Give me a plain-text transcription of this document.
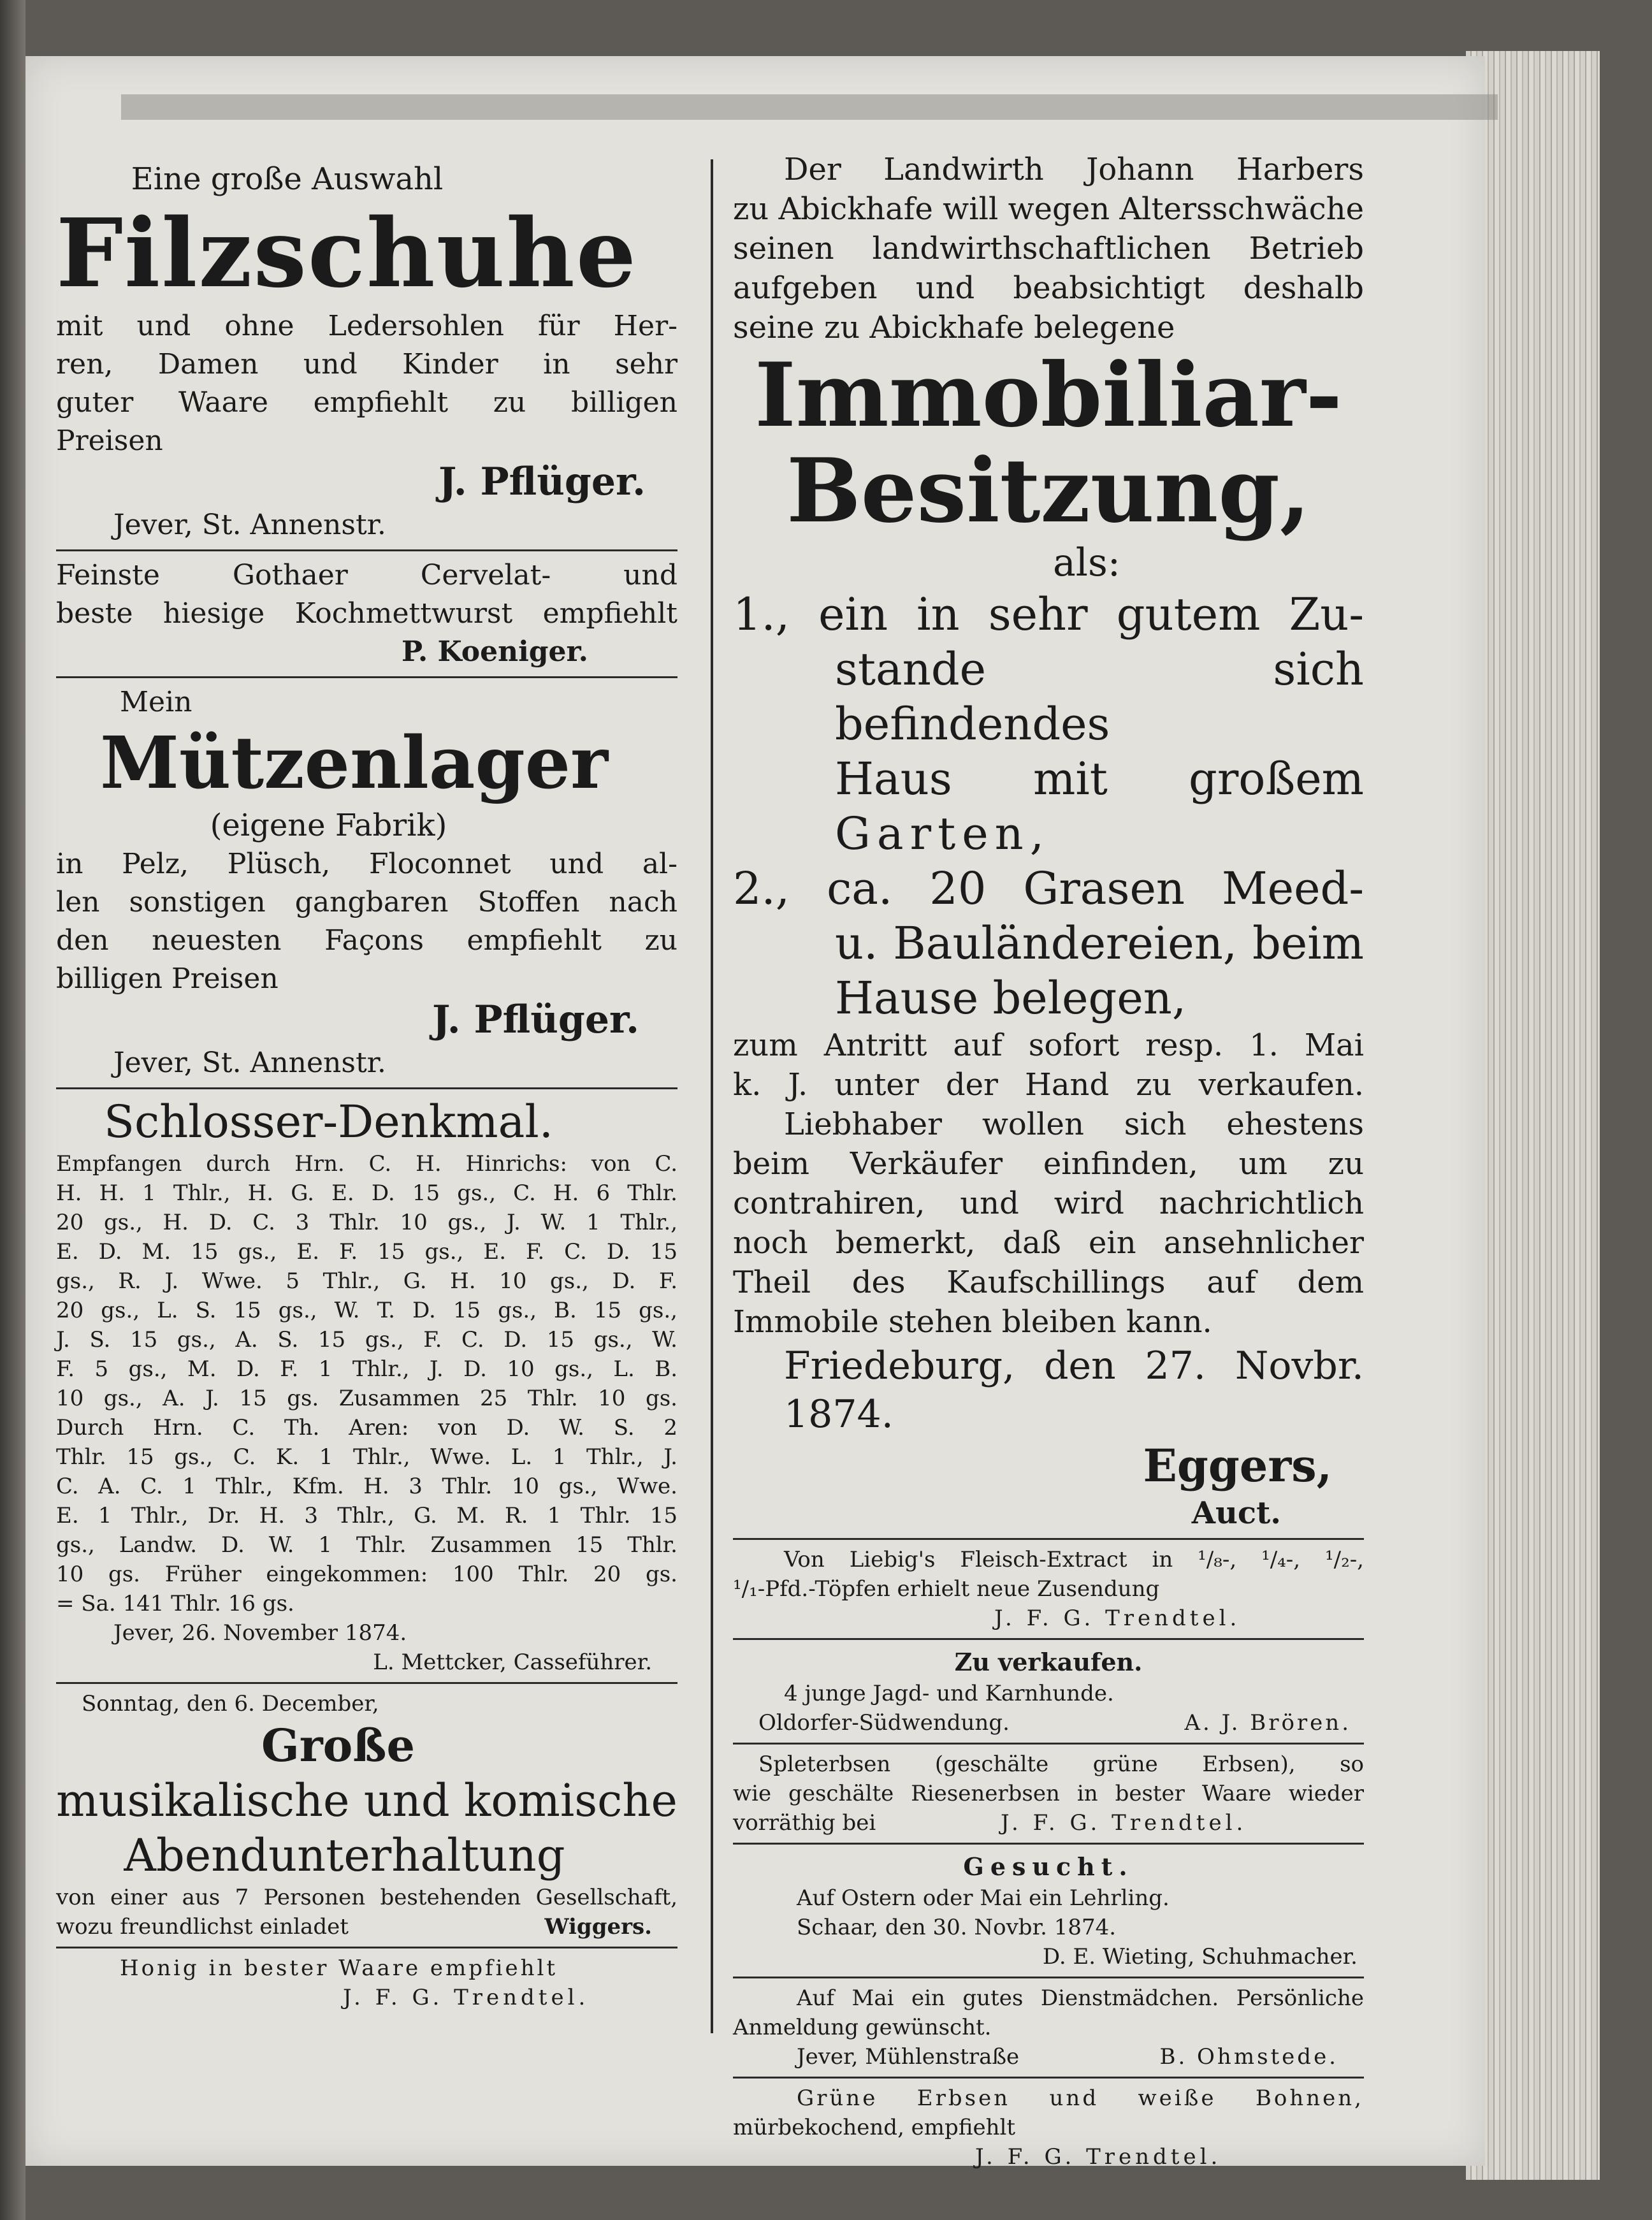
Eine große Auswahl

Filzschuhe

mit und ohne Ledersohlen für Her-

ren, Damen und Kinder in sehr

guter Waare empfiehlt zu billigen

Preisen

J. Pflüger.

Jever, St. Annenstr.

Feinste Gothaer Cervelat- und

beste hiesige Kochmettwurst empfiehlt

P. Koeniger.

Mein

Mützenlager

(eigene Fabrik)

in Pelz, Plüsch, Floconnet und al-

len sonstigen gangbaren Stoffen nach

den neuesten Façons empfiehlt zu

billigen Preisen

J. Pflüger.

Jever, St. Annenstr.

Schlosser-Denkmal.

Empfangen durch Hrn. C. H. Hinrichs: von C.

H. H. 1 Thlr., H. G. E. D. 15 gs., C. H. 6 Thlr.

20 gs., H. D. C. 3 Thlr. 10 gs., J. W. 1 Thlr.,

E. D. M. 15 gs., E. F. 15 gs., E. F. C. D. 15

gs., R. J. Wwe. 5 Thlr., G. H. 10 gs., D. F.

20 gs., L. S. 15 gs., W. T. D. 15 gs., B. 15 gs.,

J. S. 15 gs., A. S. 15 gs., F. C. D. 15 gs., W.

F. 5 gs., M. D. F. 1 Thlr., J. D. 10 gs., L. B.

10 gs., A. J. 15 gs. Zusammen 25 Thlr. 10 gs.

Durch Hrn. C. Th. Aren: von D. W. S. 2

Thlr. 15 gs., C. K. 1 Thlr., Wwe. L. 1 Thlr., J.

C. A. C. 1 Thlr., Kfm. H. 3 Thlr. 10 gs., Wwe.

E. 1 Thlr., Dr. H. 3 Thlr., G. M. R. 1 Thlr. 15

gs., Landw. D. W. 1 Thlr. Zusammen 15 Thlr.

10 gs. Früher eingekommen: 100 Thlr. 20 gs.

= Sa. 141 Thlr. 16 gs.

Jever, 26. November 1874.

L. Mettcker, Casseführer.

Sonntag, den 6. December,

Große

musikalische und komische

Abendunterhaltung

von einer aus 7 Personen bestehenden Gesellschaft,

wozu freundlichst einladet	Wiggers.

Honig in bester Waare empfiehlt

J. F. G. Trendtel.

Der Landwirth Johann Harbers

zu Abickhafe will wegen Altersschwäche

seinen landwirthschaftlichen Betrieb

aufgeben und beabsichtigt deshalb

seine zu Abickhafe belegene

Immobiliar-

Besitzung,

als:

1., ein in sehr gutem Zu-

stande sich befindendes

Haus mit großem

Garten,

2., ca. 20 Grasen Meed-

u. Bauländereien, beim

Hause belegen,

zum Antritt auf sofort resp. 1. Mai

k. J. unter der Hand zu verkaufen.

Liebhaber wollen sich ehestens

beim Verkäufer einfinden, um zu

contrahiren, und wird nachrichtlich

noch bemerkt, daß ein ansehnlicher

Theil des Kaufschillings auf dem

Immobile stehen bleiben kann.

Friedeburg, den 27. Novbr. 1874.

Eggers,

Auct.

Von Liebig's Fleisch-Extract in ¹/₈-, ¹/₄-, ¹/₂-,

¹/₁-Pfd.-Töpfen erhielt neue Zusendung

J. F. G. Trendtel.

Zu verkaufen.

4 junge Jagd- und Karnhunde.

Oldorfer-Südwendung.	A. J. Brören.

Spleterbsen (geschälte grüne Erbsen), so

wie geschälte Riesenerbsen in bester Waare wieder

vorräthig bei	J. F. G. Trendtel.

Gesucht.

Auf Ostern oder Mai ein Lehrling.

Schaar, den 30. Novbr. 1874.

D. E. Wieting, Schuhmacher.

Auf Mai ein gutes Dienstmädchen. Persönliche

Anmeldung gewünscht.

Jever, Mühlenstraße	B. Ohmstede.

Grüne Erbsen und weiße Bohnen,

mürbekochend, empfiehlt

J. F. G. Trendtel.
